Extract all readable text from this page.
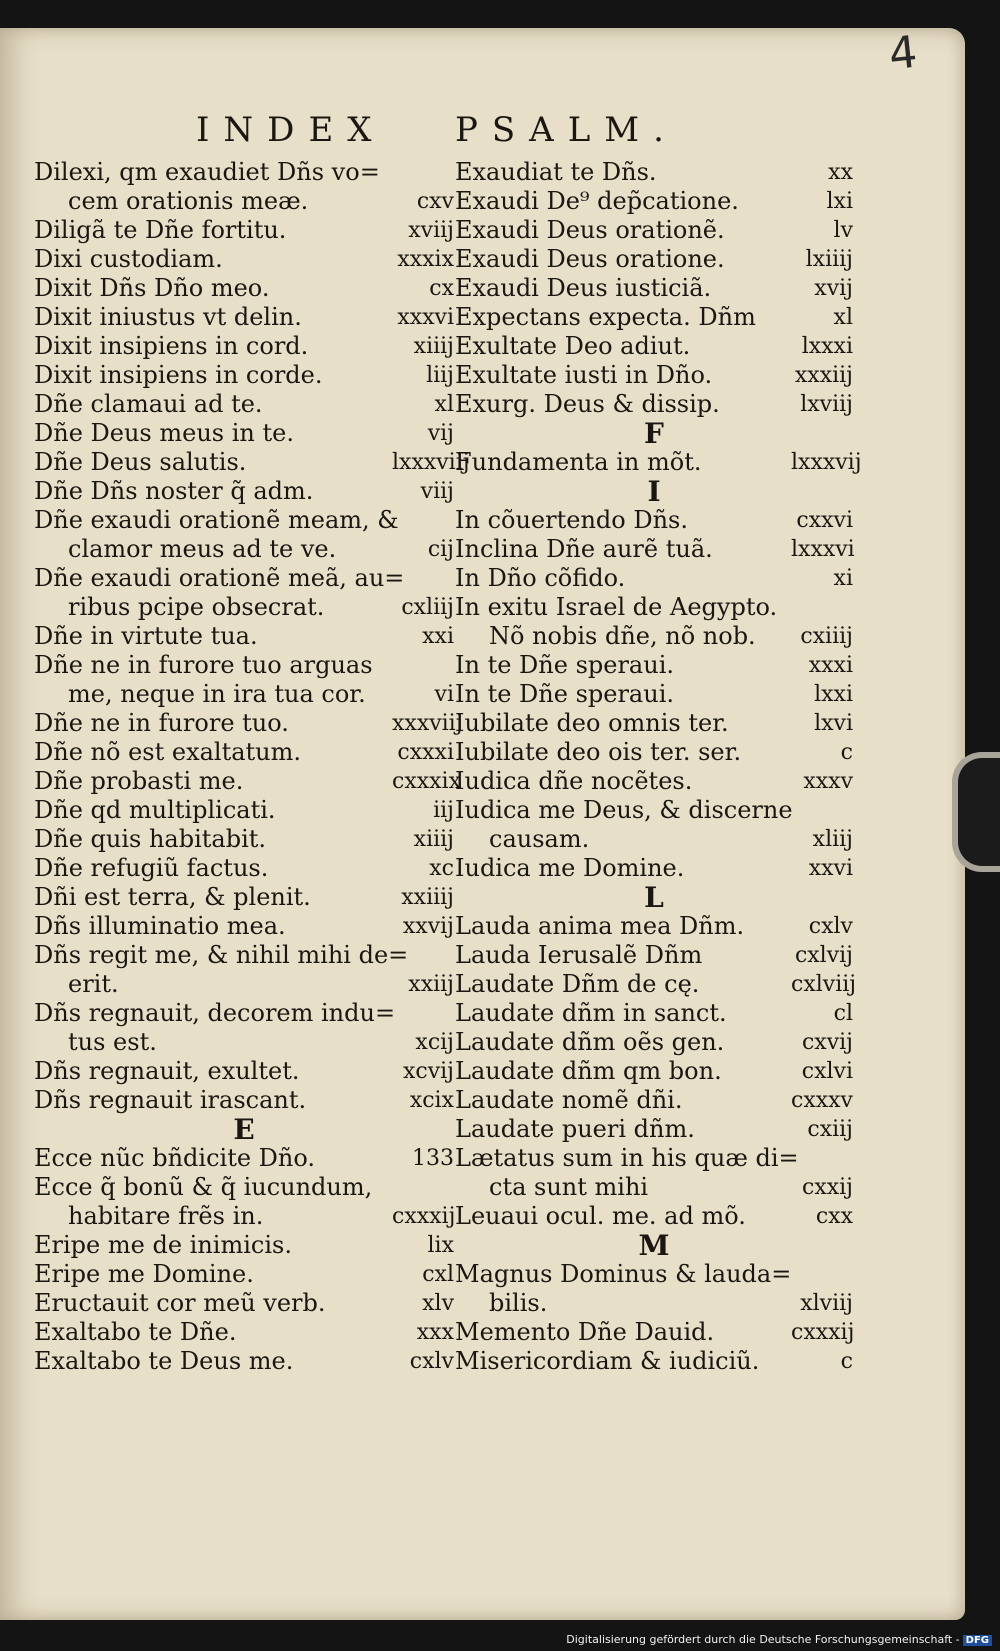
4
INDEX PSALM.
Dilexi, qm exaudiet Dñs vo=
cem orationis meæ.	cxv
Diligã te Dñe fortitu.	xviij
Dixi custodiam.	xxxix
Dixit Dñs Dño meo.	cx
Dixit iniustus vt delin.	xxxvi
Dixit insipiens in cord.	xiiij
Dixit insipiens in corde.	liij
Dñe clamaui ad te.	xl
Dñe Deus meus in te.	vij
Dñe Deus salutis.	lxxxviij
Dñe Dñs noster q̃ adm.	viij
Dñe exaudi orationẽ meam, &
clamor meus ad te ve.	cij
Dñe exaudi orationẽ meã, au=
ribus pcipe obsecrat.	cxliij
Dñe in virtute tua.	xxi
Dñe ne in furore tuo arguas
me, neque in ira tua cor.	vi
Dñe ne in furore tuo.	xxxviij
Dñe nõ est exaltatum.	cxxxi
Dñe probasti me.	cxxxix
Dñe qd multiplicati.	iij
Dñe quis habitabit.	xiiij
Dñe refugiũ factus.	xc
Dñi est terra, & plenit.	xxiiij
Dñs illuminatio mea.	xxvij
Dñs regit me, & nihil mihi de=
erit.	xxiij
Dñs regnauit, decorem indu=
tus est.	xcij
Dñs regnauit, exultet.	xcvij
Dñs regnauit irascant.	xcix
E
Ecce nũc bñdicite Dño.	133
Ecce q̃ bonũ & q̃ iucundum,
habitare frẽs in.	cxxxij
Eripe me de inimicis.	lix
Eripe me Domine.	cxl
Eructauit cor meũ verb.	xlv
Exaltabo te Dñe.	xxx
Exaltabo te Deus me.	cxlv
Exaudiat te Dñs.	xx
Exaudi De⁹ dep̃catione.	lxi
Exaudi Deus orationẽ.	lv
Exaudi Deus oratione.	lxiiij
Exaudi Deus iusticiã.	xvij
Expectans expecta. Dñm	xl
Exultate Deo adiut.	lxxxi
Exultate iusti in Dño.	xxxiij
Exurg. Deus & dissip.	lxviij
F
Fundamenta in mõt.	lxxxvij
I
In cõuertendo Dñs.	cxxvi
Inclina Dñe aurẽ tuã.	lxxxvi
In Dño cõfido.	xi
In exitu Israel de Aegypto.
Nõ nobis dñe, nõ nob.	cxiiij
In te Dñe speraui.	xxxi
In te Dñe speraui.	lxxi
Iubilate deo omnis ter.	lxvi
Iubilate deo ois ter. ser.	c
Iudica dñe nocẽtes.	xxxv
Iudica me Deus, & discerne
causam.	xliij
Iudica me Domine.	xxvi
L
Lauda anima mea Dñm.	cxlv
Lauda Ierusalẽ Dñm	cxlvij
Laudate Dñm de cę.	cxlviij
Laudate dñm in sanct.	cl
Laudate dñm oẽs gen.	cxvij
Laudate dñm qm bon.	cxlvi
Laudate nomẽ dñi.	cxxxv
Laudate pueri dñm.	cxiij
Lætatus sum in his quæ di=
cta sunt mihi	cxxij
Leuaui ocul. me. ad mõ.	cxx
M
Magnus Dominus & lauda=
bilis.	xlviij
Memento Dñe Dauid.	cxxxij
Misericordiam & iudiciũ.	c
Digitalisierung gefördert durch die Deutsche Forschungsgemeinschaft - DFG
